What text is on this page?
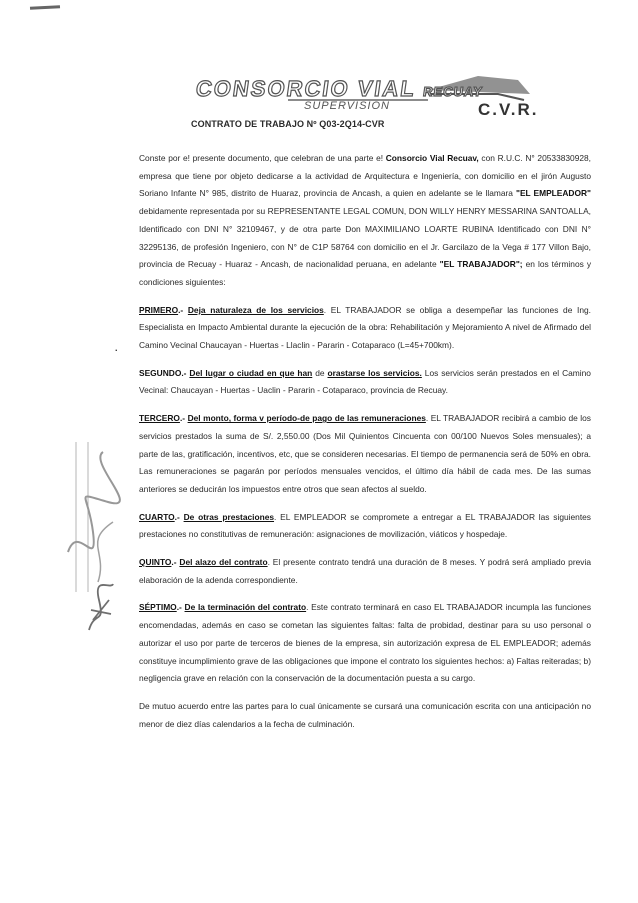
CONSORCIO VIAL RECUAY
SUPERVISION	C.V.R.
CONTRATO DE TRABAJO Nº Q03-2Q14-CVR
.

Conste por e! presente documento, que celebran de una parte e! Consorcio Vial Recuav, con R.U.C. N° 20533830928, empresa que tiene por objeto dedicarse a la actividad de Arquitectura e Ingeniería, con domicilio en el jirón Augusto Soriano Infante N° 985, distrito de Huaraz, provincia de Ancash, a quien en adelante se le llamara "EL EMPLEADOR" debidamente representada por su REPRESENTANTE LEGAL COMUN, DON WILLY HENRY MESSARINA SANTOALLA, Identificado con DNI N° 32109467, y de otra parte Don MAXIMILIANO LOARTE RUBINA Identificado con DNI N° 32295136, de profesión Ingeniero, con N° de C1P 58764 con domicilio en el Jr. Garcilazo de la Vega # 177 Villon Bajo, provincia de Recuay - Huaraz - Ancash, de nacionalidad peruana, en adelante "EL TRABAJADOR"; en los términos y condiciones siguientes:

PRIMERO.- Deja naturaleza de los servicios. EL TRABAJADOR se obliga a desempeñar las funciones de Ing. Especialista en Impacto Ambiental durante la ejecución de la obra: Rehabilitación y Mejoramiento A nivel de Afirmado del Camino Vecinal Chaucayan - Huertas - Llaclin - Pararin - Cotaparaco (L=45+700km).

SEGUNDO.- Del lugar o ciudad en que han de orastarse los servicios. Los servicios serán prestados en el Camino Vecinal: Chaucayan - Huertas - Uaclin - Pararin - Cotaparaco, provincia de Recuay.

TERCERO.- Del monto, forma v período-de pago de las remuneraciones. EL TRABAJADOR recibirá a cambio de los servicios prestados la suma de S/. 2,550.00 (Dos Mil Quinientos Cincuenta con 00/100 Nuevos Soles mensuales); a parte de las, gratificación, incentivos, etc, que se consideren necesarias. El tiempo de permanencia será de 50% en obra. Las remuneraciones se pagarán por períodos mensuales vencidos, el último día hábil de cada mes. De las sumas anteriores se deducirán los impuestos entre otros que sean afectos al sueldo.

CUARTO.- De otras prestaciones. EL EMPLEADOR se compromete a entregar a EL TRABAJADOR las siguientes prestaciones no constitutivas de remuneración: asignaciones de movilización, viáticos y hospedaje.

QUINTO.- Del alazo del contrato. El presente contrato tendrá una duración de 8 meses. Y podrá será ampliado previa elaboración de la adenda correspondiente.

SÉPTIMO.- De la terminación del contrato. Este contrato terminará en caso EL TRABAJADOR incumpla las funciones encomendadas, además en caso se cometan las siguientes faltas: falta de probidad, destinar para su uso personal o autorizar el uso por parte de terceros de bienes de la empresa, sin autorización expresa de EL EMPLEADOR; además constituye incumplimiento grave de las obligaciones que impone el contrato los siguientes hechos: a) Faltas reiteradas; b) negligencia grave en relación con la conservación de la documentación puesta a su cargo.

De mutuo acuerdo entre las partes para lo cual únicamente se cursará una comunicación escrita con una anticipación no menor de diez días calendarios a la fecha de culminación.
